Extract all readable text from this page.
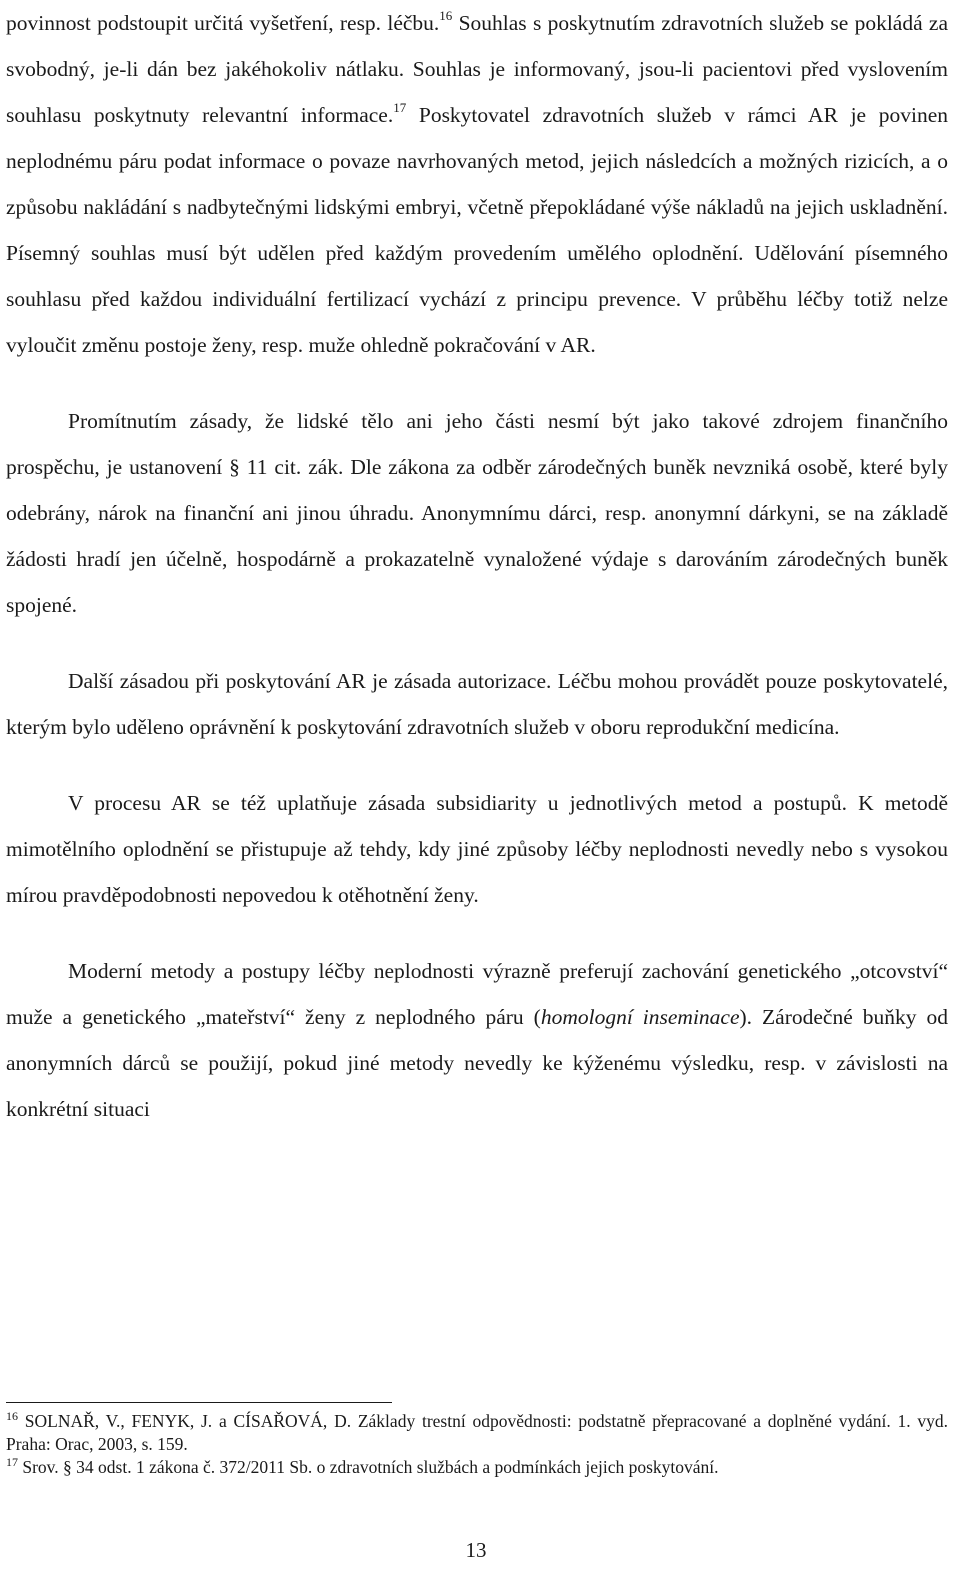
povinnost podstoupit určitá vyšetření, resp. léčbu.$^{16}$ Souhlas s poskytnutím zdravotních služeb se pokládá za svobodný, je-li dán bez jakéhokoliv nátlaku. Souhlas je informovaný, jsou-li pacientovi před vyslovením souhlasu poskytnuty relevantní informace.$^{17}$ Poskytovatel zdravotních služeb v rámci AR je povinen neplodnému páru podat informace o povaze navrhovaných metod, jejich následcích a možných rizicích, a o způsobu nakládání s nadbytečnými lidskými embryi, včetně přepokládané výše nákladů na jejich uskladnění. Písemný souhlas musí být udělen před každým provedením umělého oplodnění. Udělování písemného souhlasu před každou individuální fertilizací vychází z principu prevence. V průběhu léčby totiž nelze vyloučit změnu postoje ženy, resp. muže ohledně pokračování v AR.

Promítnutím zásady, že lidské tělo ani jeho části nesmí být jako takové zdrojem finančního prospěchu, je ustanovení § 11 cit. zák. Dle zákona za odběr zárodečných buněk nevzniká osobě, které byly odebrány, nárok na finanční ani jinou úhradu. Anonymnímu dárci, resp. anonymní dárkyni, se na základě žádosti hradí jen účelně, hospodárně a prokazatelně vynaložené výdaje s darováním zárodečných buněk spojené.

Další zásadou při poskytování AR je zásada autorizace. Léčbu mohou provádět pouze poskytovatelé, kterým bylo uděleno oprávnění k poskytování zdravotních služeb v oboru reprodukční medicína.

V procesu AR se též uplatňuje zásada subsidiarity u jednotlivých metod a postupů. K metodě mimotělního oplodnění se přistupuje až tehdy, kdy jiné způsoby léčby neplodnosti nevedly nebo s vysokou mírou pravděpodobnosti nepovedou k otěhotnění ženy.

Moderní metody a postupy léčby neplodnosti výrazně preferují zachování genetického „otcovství“ muže a genetického „mateřství“ ženy z neplodného páru (homologní inseminace). Zárodečné buňky od anonymních dárců se použijí, pokud jiné metody nevedly ke kýženému výsledku, resp. v závislosti na konkrétní situaci

$^{16}$ SOLNAŘ, V., FENYK, J. a CÍSAŘOVÁ, D. Základy trestní odpovědnosti: podstatně přepracované a doplněné vydání. 1. vyd. Praha: Orac, 2003, s. 159.

$^{17}$ Srov. § 34 odst. 1 zákona č. 372/2011 Sb. o zdravotních službách a podmínkách jejich poskytování.

13
